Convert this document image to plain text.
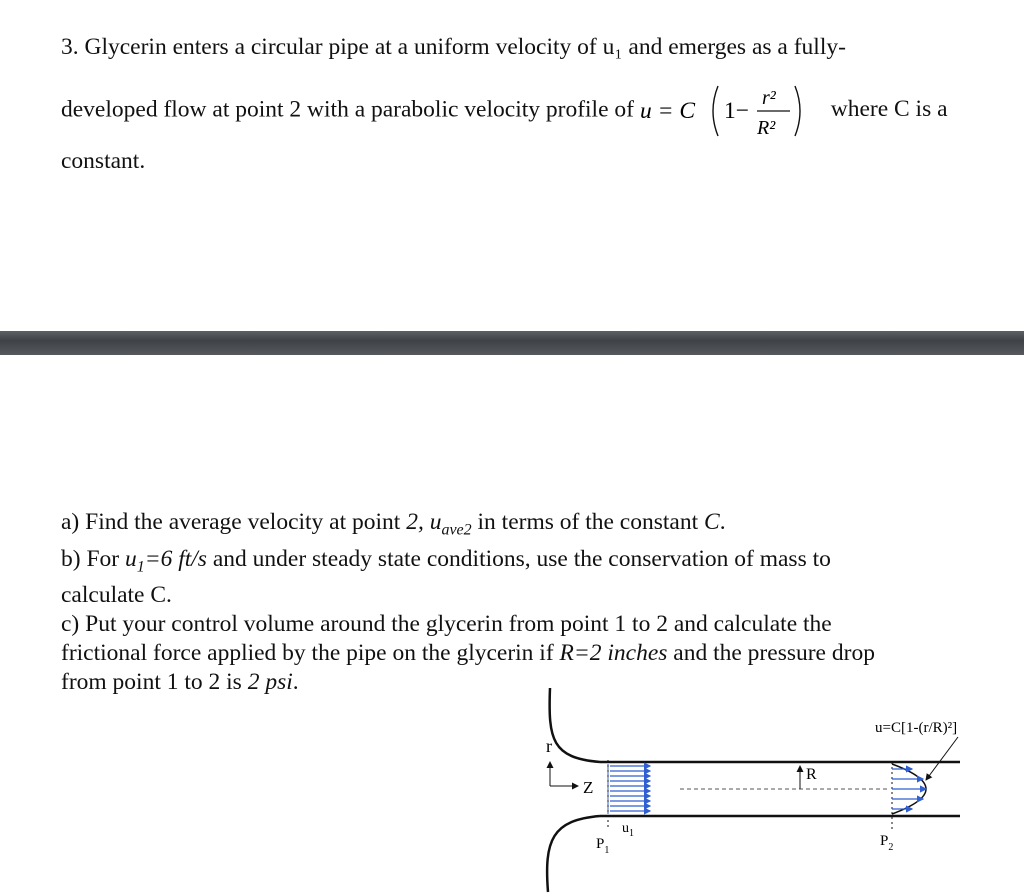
3. Glycerin enters a circular pipe at a uniform velocity of u₁ and emerges as a fully-
developed flow at point 2 with a parabolic velocity profile of u = C 1− r²
R²
where C is a
constant.

a) Find the average velocity at point 2, $u_{ave2}$ in terms of the constant C.

b) For $u_1=6$ ft/s and under steady state conditions, use the conservation of mass to

calculate C.

c) Put your control volume around the glycerin from point 1 to 2 and calculate the

frictional force applied by the pipe on the glycerin if R=2 inches and the pressure drop

from point 1 to 2 is 2 psi.

R
u=C[1-(r/R)²]
r
Z
$u_1$
$P_1$
$P_2$
